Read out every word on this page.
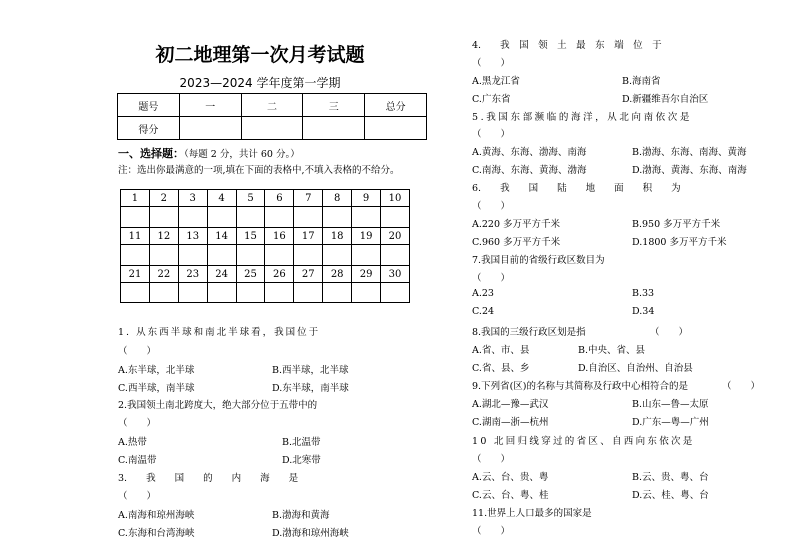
初二地理第一次月考试题
2023—2024 学年度第一学期
题号	一	二	三	总分
得分				
一、选择题：（每题 2 分，共计 60 分。）
注：选出你最满意的一项,填在下面的表格中,不填入表格的不给分。
1	2	3	4	5	6	7	8	9	10

11	12	13	14	15	16	17	18	19	20

21	22	23	24	25	26	27	28	29	30

1. 从东西半球和南北半球看，我国位于
（　　）
A.东半球，北半球	B.西半球，北半球
C.西半球，南半球	D.东半球，南半球
2.我国领土南北跨度大，绝大部分位于五带中的
（　　）
A.热带	B.北温带
C.南温带	D.北寒带
3.　　我　　国　　的　　内　　海　　是
（　　）
A.南海和琼州海峡	B.渤海和黄海
C.东海和台湾海峡	D.渤海和琼州海峡
4.　　我　国　领　土　最　东　端　位　于
（　　）
A.黑龙江省	B.海南省
C.广东省	D.新疆维吾尔自治区
5.我国东部濒临的海洋，从北向南依次是
（　　）
A.黄海、东海、渤海、南海	B.渤海、东海、南海、黄海
C.南海、东海、黄海、渤海	D.渤海、黄海、东海、南海
6.　　我　　国　　陆　　地　　面　　积　　为
（　　）
A.220 多万平方千米	B.950 多万平方千米
C.960 多万平方千米	D.1800 多万平方千米
7.我国目前的省级行政区数目为
（　　）
A.23	B.33
C.24	D.34
8.我国的三级行政区划是指	（　　）
A.省、市、县	B.中央、省、县
C.省、县、乡	D.自治区、自治州、自治县
9.下列省(区)的名称与其简称及行政中心相符合的是	（　　）
A.湖北—豫—武汉	B.山东—鲁—太原
C.湖南—浙—杭州	D.广东—粤—广州
10 北回归线穿过的省区、自西向东依次是
（　　）
A.云、台、贵、粤	B.云、贵、粤、台
C.云、台、粤、桂	D.云、桂、粤、台
11.世界上人口最多的国家是
（　　）
